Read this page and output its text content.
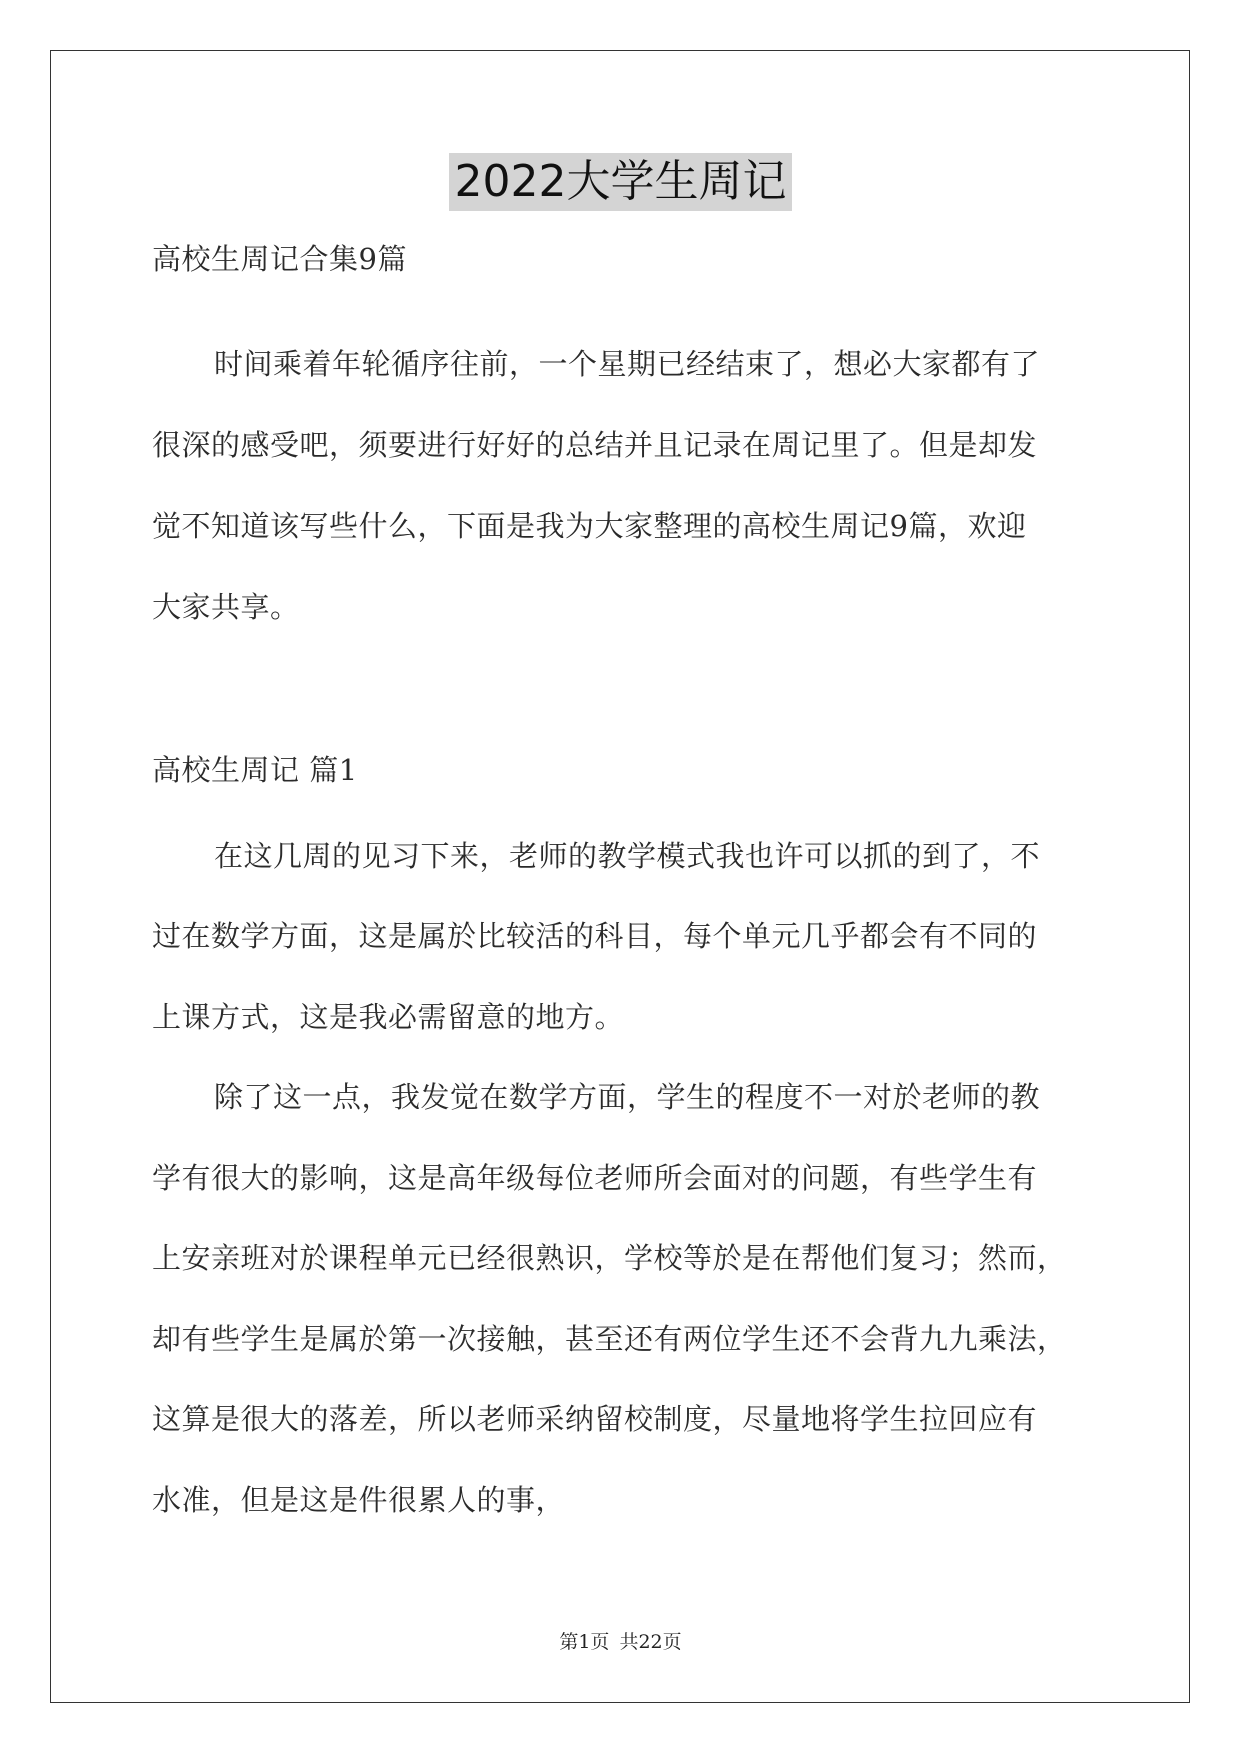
2022大学生周记
高校生周记合集9篇
时间乘着年轮循序往前，一个星期已经结束了，想必大家都有了
很深的感受吧，须要进行好好的总结并且记录在周记里了。但是却发
觉不知道该写些什么，下面是我为大家整理的高校生周记9篇，欢迎
大家共享。
高校生周记 篇1
在这几周的见习下来，老师的教学模式我也许可以抓的到了，不
过在数学方面，这是属於比较活的科目，每个单元几乎都会有不同的
上课方式，这是我必需留意的地方。
除了这一点，我发觉在数学方面，学生的程度不一对於老师的教
学有很大的影响，这是高年级每位老师所会面对的问题，有些学生有
上安亲班对於课程单元已经很熟识，学校等於是在帮他们复习；然而，
却有些学生是属於第一次接触，甚至还有两位学生还不会背九九乘法，
这算是很大的落差，所以老师采纳留校制度，尽量地将学生拉回应有
水准，但是这是件很累人的事，
第1页 共22页
